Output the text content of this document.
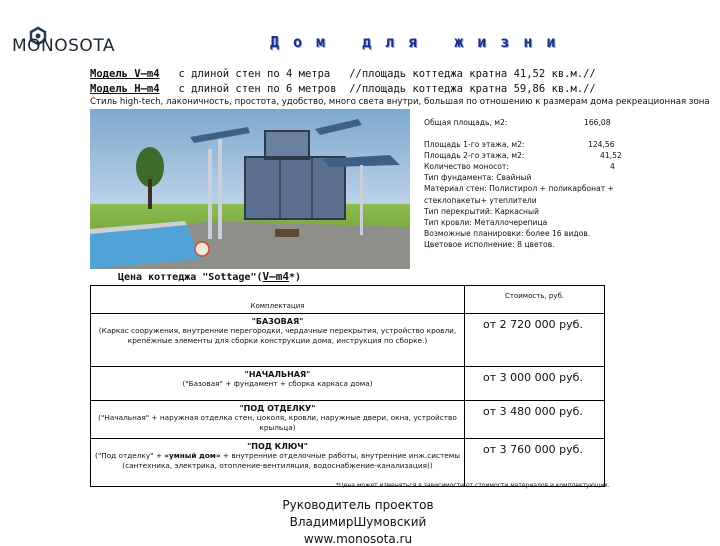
MONOSOTA	Дом для жизни
Модель V–m4 с длиной стен по 4 метра //площадь коттеджа кратна 41,52 кв.м.//
Модель H–m4 с длиной стен по 6 метров //площадь коттеджа кратна 59,86 кв.м.//
Стиль high-tech, лаконичность, простота, удобство, много света внутри, большая по отношению к размерам дома рекреационная зона
Общая площадь, м2:	166,08
Площадь 1-го этажа, м2:	124,56
Площадь 2-го этажа, м2:	41,52
Количество моносот:	4
Тип фундамента: Свайный
Материал стен: Полистирол + поликарбонат +
стеклопакеты+ утеплители
Тип перекрытий: Каркасный
Тип кровли: Металлочерепица
Возможные планировки: более 16 видов.
Цветовое исполнение: 8 цветов.
Цена коттеджа "Sottage"(V–m4*)
Комплектация	Стоимость, руб.

"БАЗОВАЯ"
(Каркас сооружения, внутренние перегородки, чердачные перекрытия, устройство кровли, крепёжные элементы для сборки конструкции дома, инструкция по сборке.)	от 2 720 000 руб.

"НАЧАЛЬНАЯ"
("Базовая" + фундамент + сборка каркаса дома)	от 3 000 000 руб.

"ПОД ОТДЕЛКУ"
("Начальная" + наружная отделка стен, цоколя, кровли, наружные двери, окна, устройство крыльца)	от 3 480 000 руб.

"ПОД КЛЮЧ"
("Под отделку" + «умный дом» + внутренние отделочные работы, внутренние инж.системы (сантехника, электрика, отопление-вентиляция, водоснабжение-канализация))	от 3 760 000 руб.
*Цена может изменяться в зависимости от стоимости материалов и комплектующих.
Руководитель проектов
ВладимирШумовский
www.monosota.ru
